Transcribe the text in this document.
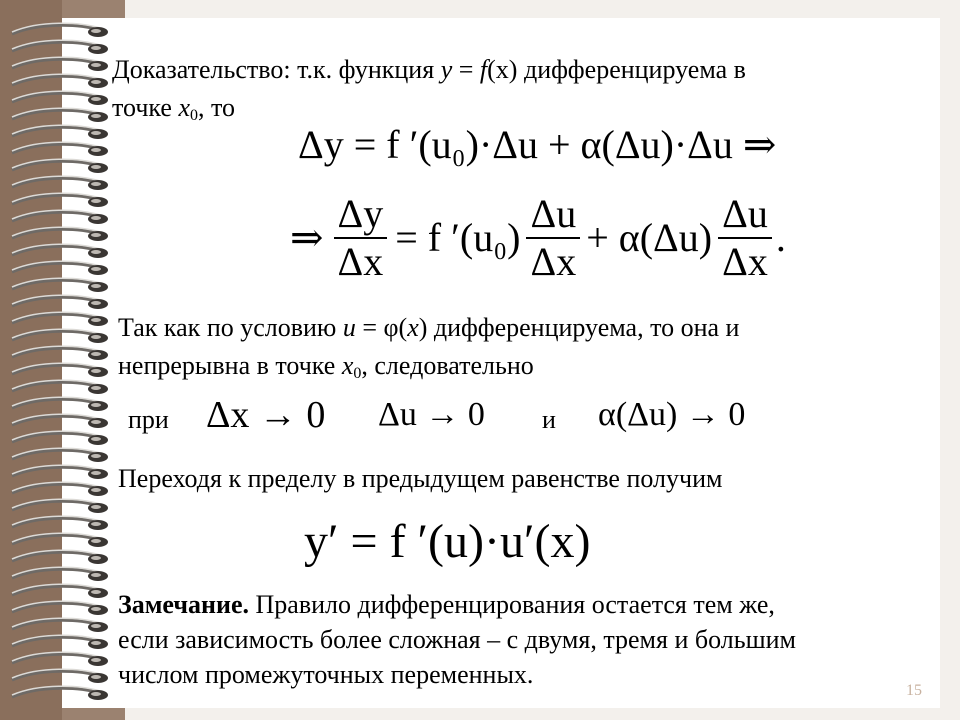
Доказательство: т.к. функция y = f(x) дифференцируема в
точке $x_0$, то
Δy = f ′(u₀)·Δu + α(Δu)·Δu ⇒
⇒ $\frac{\Delta y}{\Delta x} = f$ $'(u_0) \frac{\Delta u}{\Delta x} + \alpha(\Delta u) \frac{\Delta u}{\Delta x}$ .
Так как по условию u = φ(x) дифференцируема, то она и
непрерывна в точке $x_0$, следовательно
при Δx → 0 Δu → 0 и α(Δu) → 0
Переходя к пределу в предыдущем равенстве получим
y′ = f ′(u)·u′(x)
Замечание. Правило дифференцирования остается тем же,
если зависимость более сложная – с двумя, тремя и большим
числом промежуточных переменных.
15
